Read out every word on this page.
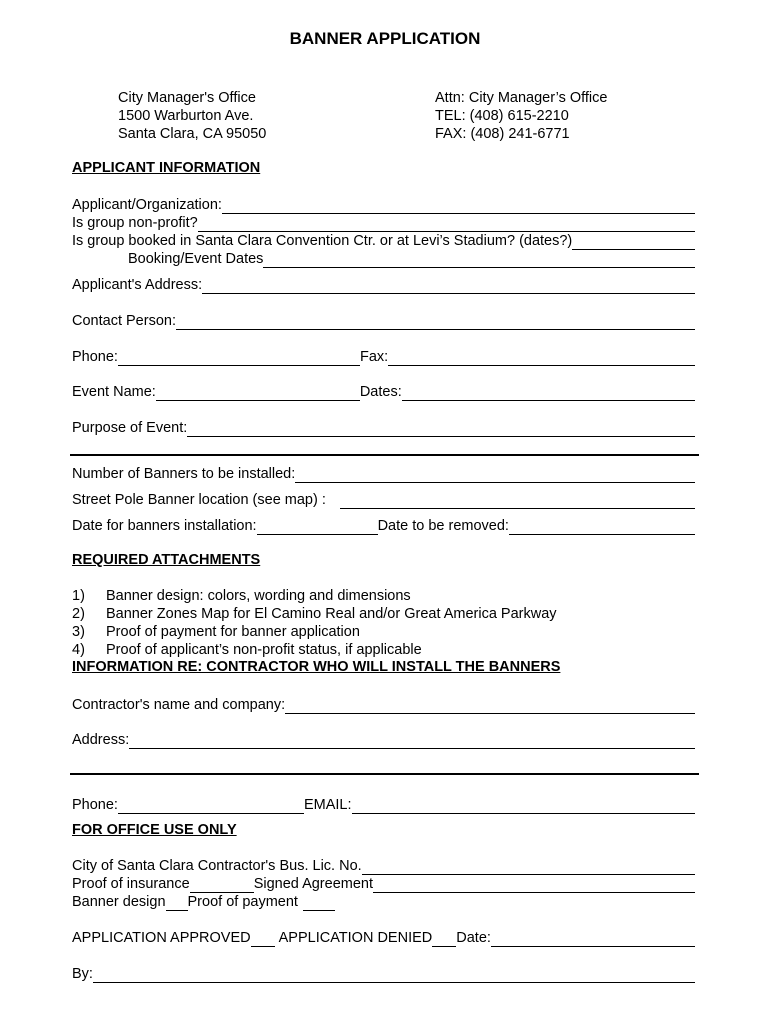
BANNER APPLICATION
City Manager's Office
1500 Warburton Ave.
Santa Clara, CA 95050
Attn: City Manager’s Office
TEL: (408) 615-2210
FAX: (408) 241-6771
APPLICANT INFORMATION
Applicant/Organization:
Is group non-profit?
Is group booked in Santa Clara Convention Ctr. or at Levi’s Stadium? (dates?)
Booking/Event Dates
Applicant's Address:
Contact Person:
Phone:	Fax:
Event Name:	Dates:
Purpose of Event:
Number of Banners to be installed:
Street Pole Banner location (see map) :
Date for banners installation:	Date to be removed:
REQUIRED ATTACHMENTS
1) Banner design: colors, wording and dimensions
2) Banner Zones Map for El Camino Real and/or Great America Parkway
3) Proof of payment for banner application
4) Proof of applicant’s non-profit status, if applicable
INFORMATION RE: CONTRACTOR WHO WILL INSTALL THE BANNERS
Contractor's name and company:
Address:
Phone:	EMAIL:
FOR OFFICE USE ONLY
City of Santa Clara Contractor's Bus. Lic. No.
Proof of insurance	Signed Agreement
Banner design Proof of payment
APPLICATION APPROVED APPLICATION DENIED Date:
By:
